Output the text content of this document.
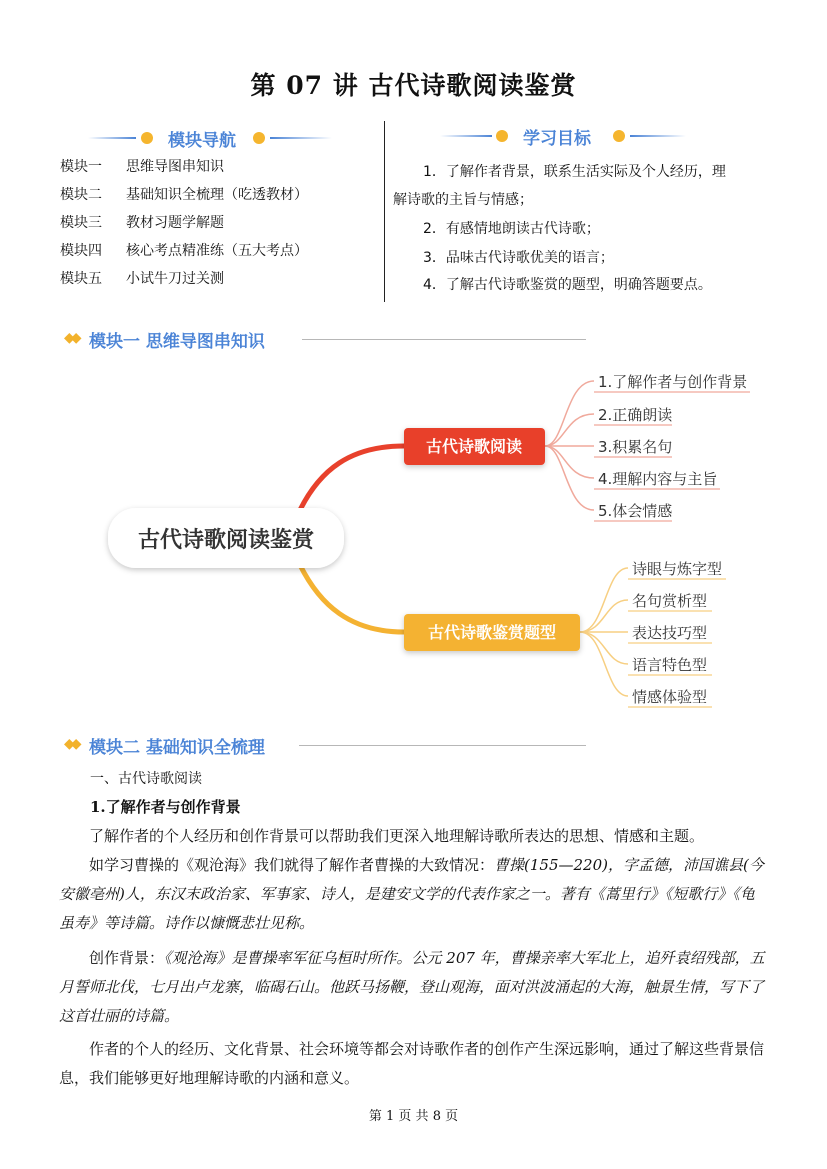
第 07 讲 古代诗歌阅读鉴赏
模块导航
模块一 思维导图串知识
模块二 基础知识全梳理（吃透教材）
模块三 教材习题学解题
模块四 核心考点精准练（五大考点）
模块五 小试牛刀过关测
学习目标
1．了解作者背景，联系生活实际及个人经历，理
解诗歌的主旨与情感；
2．有感情地朗读古代诗歌；
3．品味古代诗歌优美的语言；
4．了解古代诗歌鉴赏的题型，明确答题要点。
◆◆ 模块一 思维导图串知识
古代诗歌阅读鉴赏
古代诗歌阅读
古代诗歌鉴赏题型
1.了解作者与创作背景
2.正确朗读
3.积累名句
4.理解内容与主旨
5.体会情感
诗眼与炼字型
名句赏析型
表达技巧型
语言特色型
情感体验型
◆◆ 模块二 基础知识全梳理
一、古代诗歌阅读
1.了解作者与创作背景

了解作者的个人经历和创作背景可以帮助我们更深入地理解诗歌所表达的思想、情感和主题。

如学习曹操的《观沧海》我们就得了解作者曹操的大致情况：曹操(155—220)，字孟德，沛国谯县(今安徽亳州)人，东汉末政治家、军事家、诗人，是建安文学的代表作家之一。著有《蒿里行》《短歌行》《龟虽寿》等诗篇。诗作以慷慨悲壮见称。

创作背景：《观沧海》是曹操率军征乌桓时所作。公元 207 年，曹操亲率大军北上，追歼袁绍残部，五月誓师北伐，七月出卢龙寨，临碣石山。他跃马扬鞭，登山观海，面对洪波涌起的大海，触景生情，写下了这首壮丽的诗篇。

作者的个人的经历、文化背景、社会环境等都会对诗歌作者的创作产生深远影响，通过了解这些背景信息，我们能够更好地理解诗歌的内涵和意义。

第 1 页 共 8 页
